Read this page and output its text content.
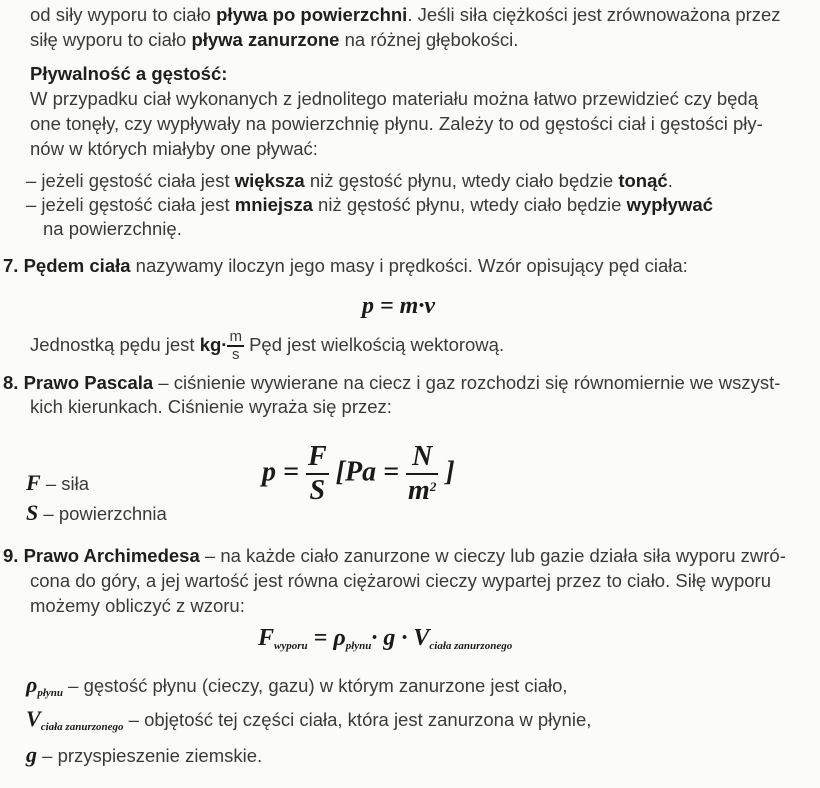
od siły wyporu to ciało pływa po powierzchni. Jeśli siła ciężkości jest zrównoważona przez
siłę wyporu to ciało pływa zanurzone na różnej głębokości.
Pływalność a gęstość:
W przypadku ciał wykonanych z jednolitego materiału można łatwo przewidzieć czy będą
one tonęły, czy wypływały na powierzchnię płynu. Zależy to od gęstości ciał i gęstości pły-
nów w których miałyby one pływać:
– jeżeli gęstość ciała jest większa niż gęstość płynu, wtedy ciało będzie tonąć.
– jeżeli gęstość ciała jest mniejsza niż gęstość płynu, wtedy ciało będzie wypływać
na powierzchnię.
7. Pędem ciała nazywamy iloczyn jego masy i prędkości. Wzór opisujący pęd ciała:
p = m·v
Jednostką pędu jest $kg\cdot \frac{m}{s}$ Pęd jest wielkością wektorową.
8. Prawo Pascala – ciśnienie wywierane na ciecz i gaz rozchodzi się równomiernie we wszyst-
kich kierunkach. Ciśnienie wyraża się przez:
$p = \frac{F}{S} [Pa = \frac{N}{m^2}$ ]
F – siła
S – powierzchnia
9. Prawo Archimedesa – na każde ciało zanurzone w cieczy lub gazie działa siła wyporu zwró-
cona do góry, a jej wartość jest równa ciężarowi cieczy wypartej przez to ciało. Siłę wyporu
możemy obliczyć z wzoru:
$F_{wyporu} = \rho_{płynu}\cdot g \cdot V_{ciała zanurzonego}$
$\rho_{płynu}$ – gęstość płynu (cieczy, gazu) w którym zanurzone jest ciało,
$V_{ciała zanurzonego}$ – objętość tej części ciała, która jest zanurzona w płynie,
g – przyspieszenie ziemskie.
